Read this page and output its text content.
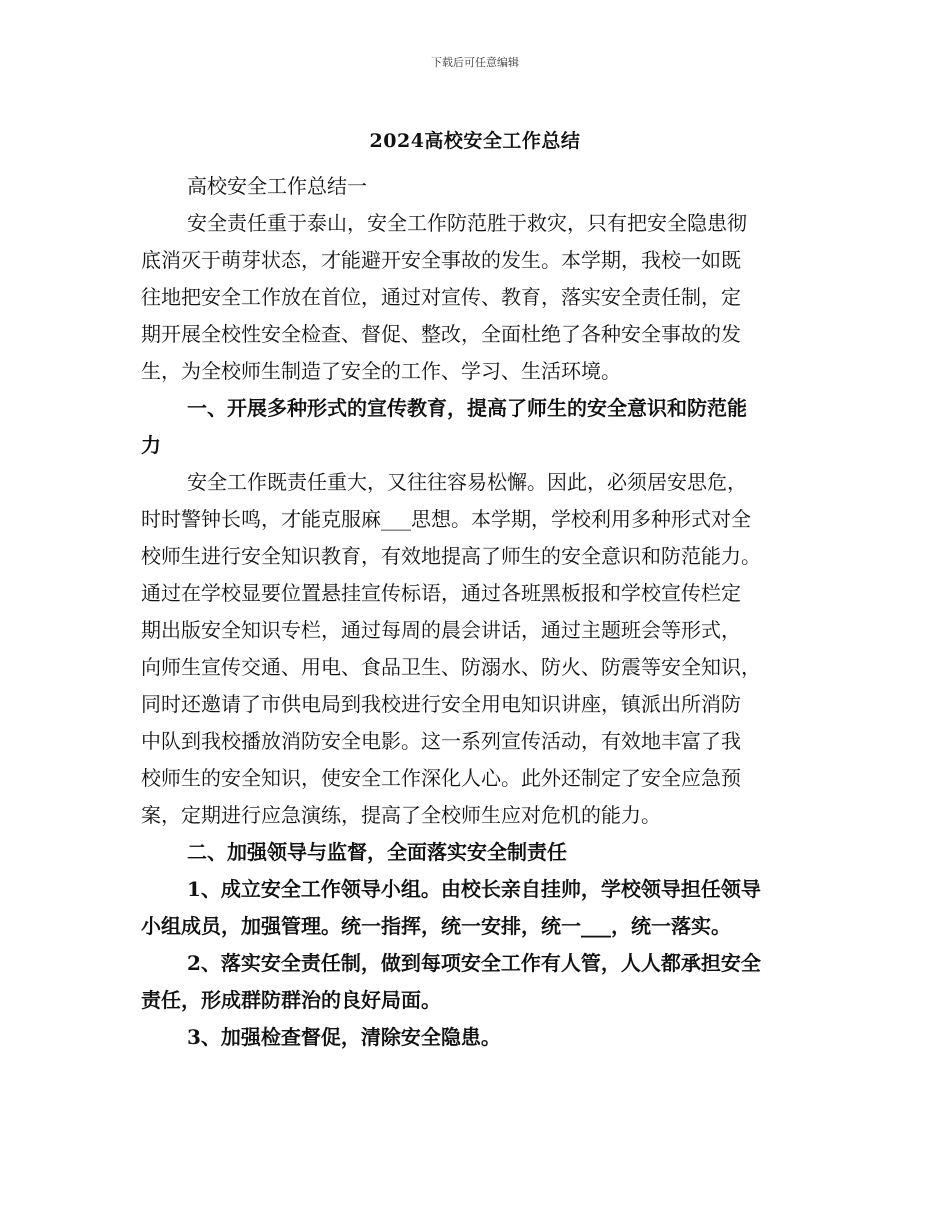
下载后可任意编辑
2024高校安全工作总结
高校安全工作总结一
安全责任重于泰山，安全工作防范胜于救灾，只有把安全隐患彻
底消灭于萌芽状态，才能避开安全事故的发生。本学期，我校一如既
往地把安全工作放在首位，通过对宣传、教育，落实安全责任制，定
期开展全校性安全检查、督促、整改，全面杜绝了各种安全事故的发
生，为全校师生制造了安全的工作、学习、生活环境。
一、开展多种形式的宣传教育，提高了师生的安全意识和防范能
力
安全工作既责任重大，又往往容易松懈。因此，必须居安思危，
时时警钟长鸣，才能克服麻___思想。本学期，学校利用多种形式对全
校师生进行安全知识教育，有效地提高了师生的安全意识和防范能力。
通过在学校显要位置悬挂宣传标语，通过各班黑板报和学校宣传栏定
期出版安全知识专栏，通过每周的晨会讲话，通过主题班会等形式，
向师生宣传交通、用电、食品卫生、防溺水、防火、防震等安全知识，
同时还邀请了市供电局到我校进行安全用电知识讲座，镇派出所消防
中队到我校播放消防安全电影。这一系列宣传活动，有效地丰富了我
校师生的安全知识，使安全工作深化人心。此外还制定了安全应急预
案，定期进行应急演练，提高了全校师生应对危机的能力。
二、加强领导与监督，全面落实安全制责任
1、成立安全工作领导小组。由校长亲自挂帅，学校领导担任领导
小组成员，加强管理。统一指挥，统一安排，统一___，统一落实。
2、落实安全责任制，做到每项安全工作有人管，人人都承担安全
责任，形成群防群治的良好局面。
3、加强检查督促，清除安全隐患。
